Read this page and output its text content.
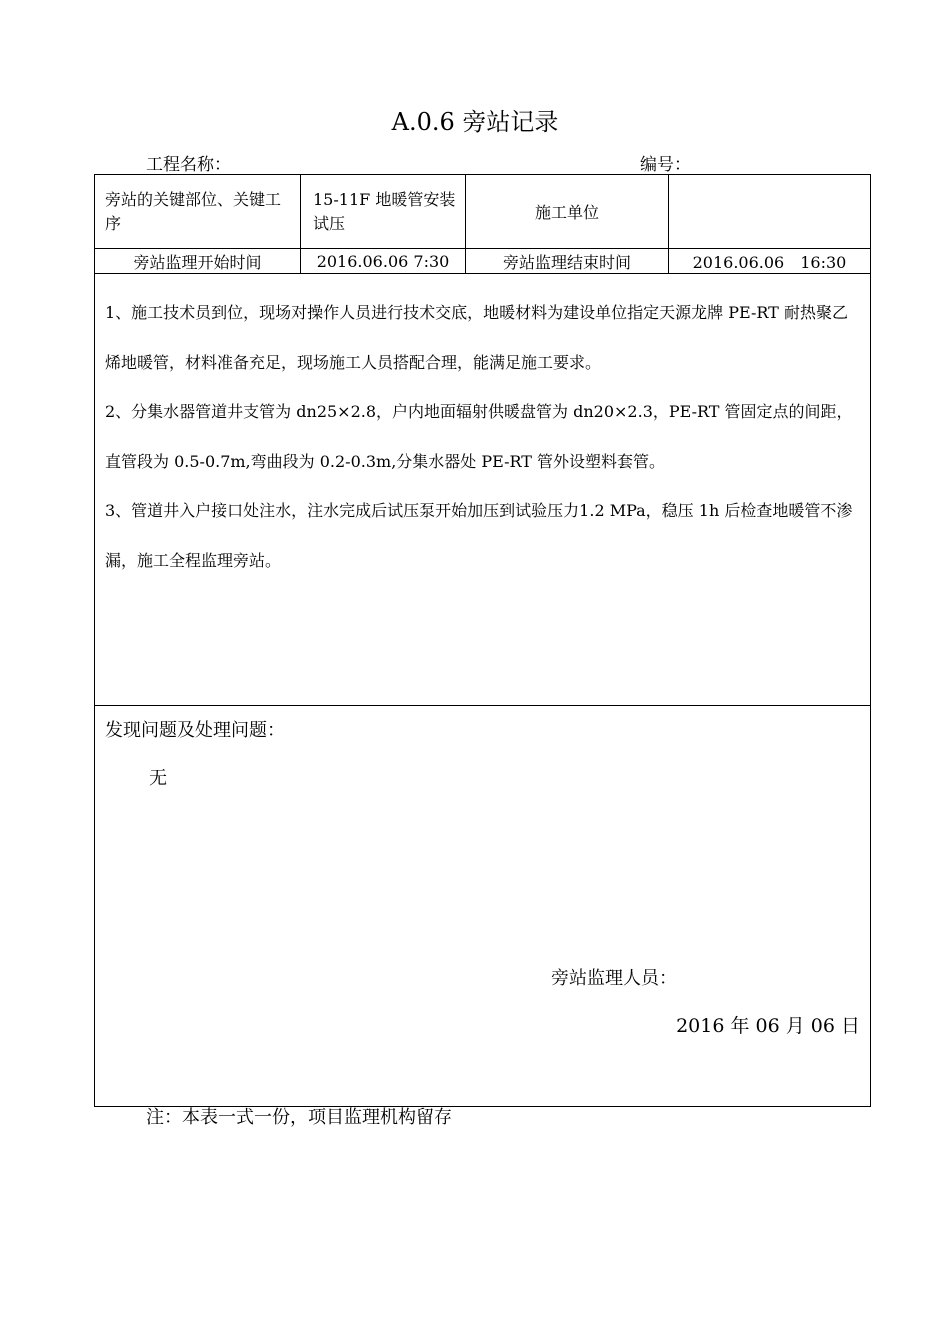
A.0.6 旁站记录
工程名称：	编号：
旁站的关键部位、关键工序	15-11F 地暖管安装试压	施工单位	
旁站监理开始时间	2016.06.06 7:30	旁站监理结束时间	2016.06.06　16:30

1、施工技术员到位，现场对操作人员进行技术交底，地暖材料为建设单位指定天源龙牌 PE-RT 耐热聚乙烯地暖管，材料准备充足，现场施工人员搭配合理，能满足施工要求。

2、分集水器管道井支管为 dn25×2.8，户内地面辐射供暖盘管为 dn20×2.3，PE-RT 管固定点的间距，直管段为 0.5-0.7m,弯曲段为 0.2-0.3m,分集水器处 PE-RT 管外设塑料套管。

3、管道井入户接口处注水，注水完成后试压泵开始加压到试验压力1.2 MPa，稳压 1h 后检查地暖管不渗漏，施工全程监理旁站。			

发现问题及处理问题：
无
旁站监理人员：
2016 年 06 月 06 日			
注：本表一式一份，项目监理机构留存
